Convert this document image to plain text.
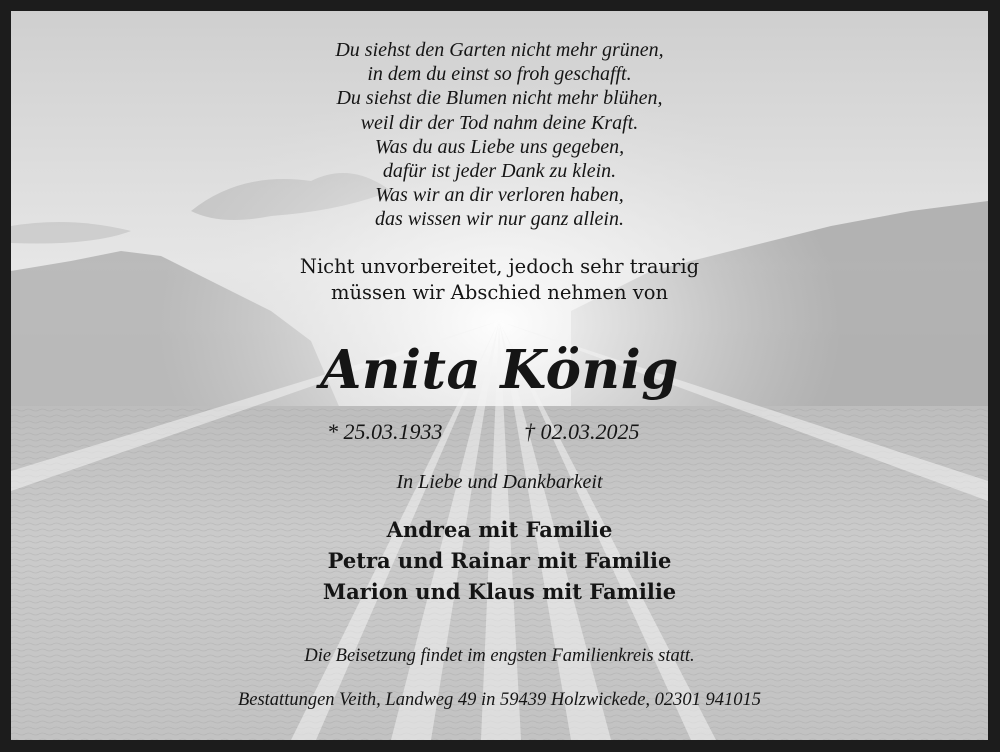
Du siehst den Garten nicht mehr grünen,
in dem du einst so froh geschafft.
Du siehst die Blumen nicht mehr blühen,
weil dir der Tod nahm deine Kraft.
Was du aus Liebe uns gegeben,
dafür ist jeder Dank zu klein.
Was wir an dir verloren haben,
das wissen wir nur ganz allein.
Nicht unvorbereitet, jedoch sehr traurig
müssen wir Abschied nehmen von
Anita König
* 25.03.1933	† 02.03.2025
In Liebe und Dankbarkeit
Andrea mit Familie
Petra und Rainar mit Familie
Marion und Klaus mit Familie
Die Beisetzung findet im engsten Familienkreis statt.
Bestattungen Veith, Landweg 49 in 59439 Holzwickede, 02301 941015
